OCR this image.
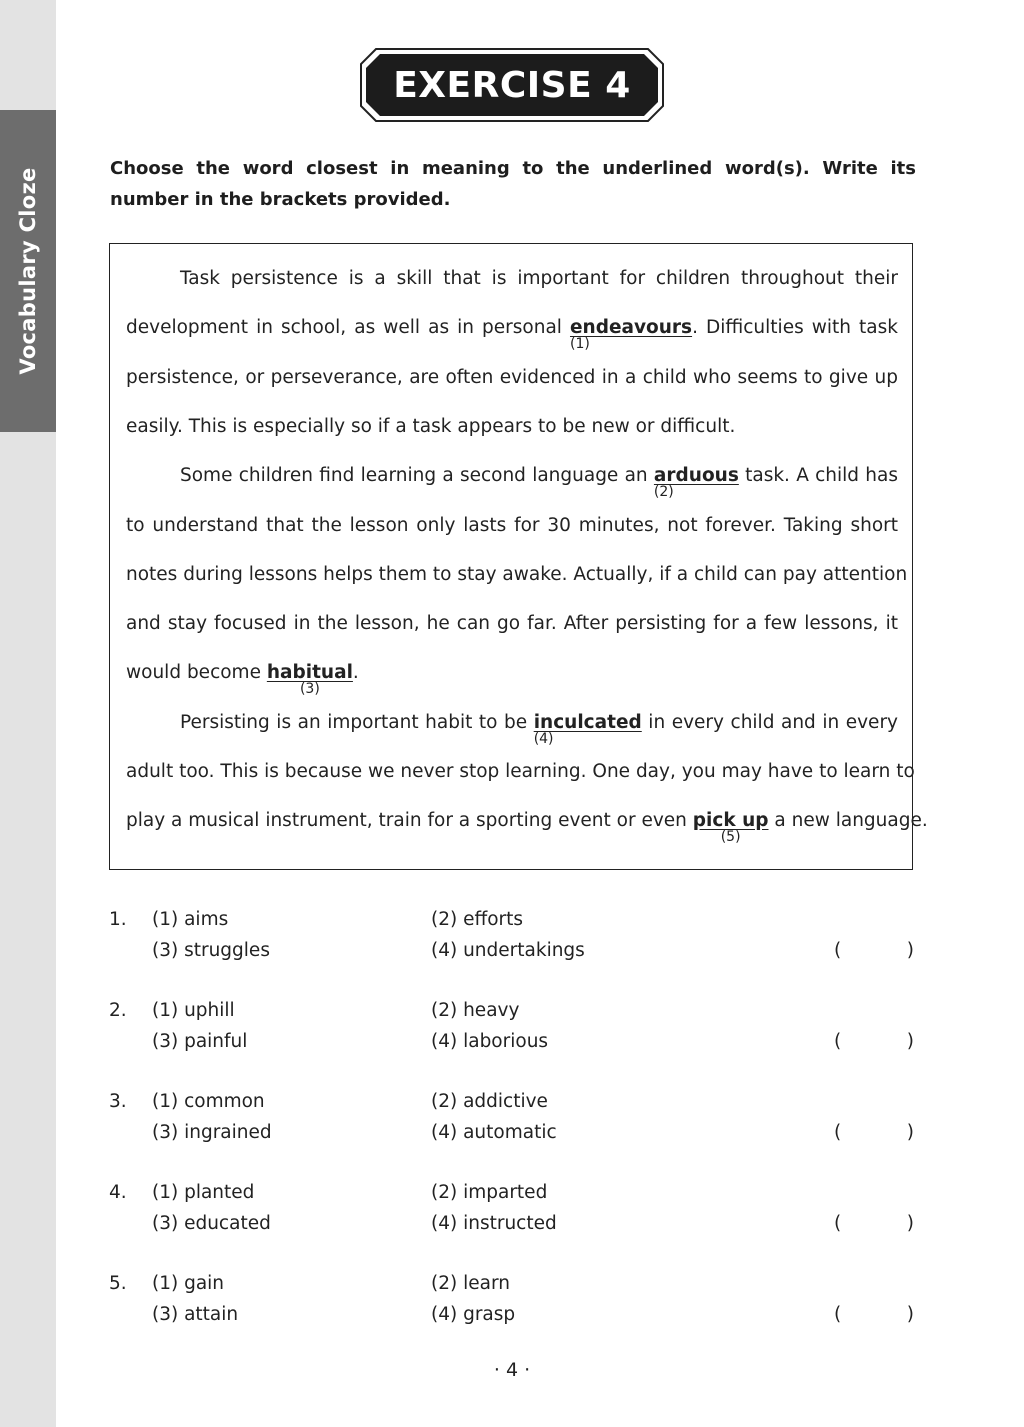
Vocabulary Cloze
EXERCISE 4
Choose the word closest in meaning to the underlined word(s). Write its number in the brackets provided.
Task persistence is a skill that is important for children throughout their
development in school, as well as in personal endeavours
(1)
. Difficulties with task
persistence, or perseverance, are often evidenced in a child who seems to give up
easily. This is especially so if a task appears to be new or difficult.
Some children find learning a second language an arduous
(2)
task. A child has
to understand that the lesson only lasts for 30 minutes, not forever. Taking short
notes during lessons helps them to stay awake. Actually, if a child can pay attention
and stay focused in the lesson, he can go far. After persisting for a few lessons, it
would become habitual
(3)
.
Persisting is an important habit to be inculcated
(4)
in every child and in every
adult too. This is because we never stop learning. One day, you may have to learn to
play a musical instrument, train for a sporting event or even pick up
(5)
a new language.
1. (1) aims	(2) efforts
(3) struggles	(4) undertakings	(	)
2. (1) uphill	(2) heavy
(3) painful	(4) laborious	(	)
3. (1) common	(2) addictive
(3) ingrained	(4) automatic	(	)
4. (1) planted	(2) imparted
(3) educated	(4) instructed	(	)
5. (1) gain	(2) learn
(3) attain	(4) grasp	(	)
· 4 ·
